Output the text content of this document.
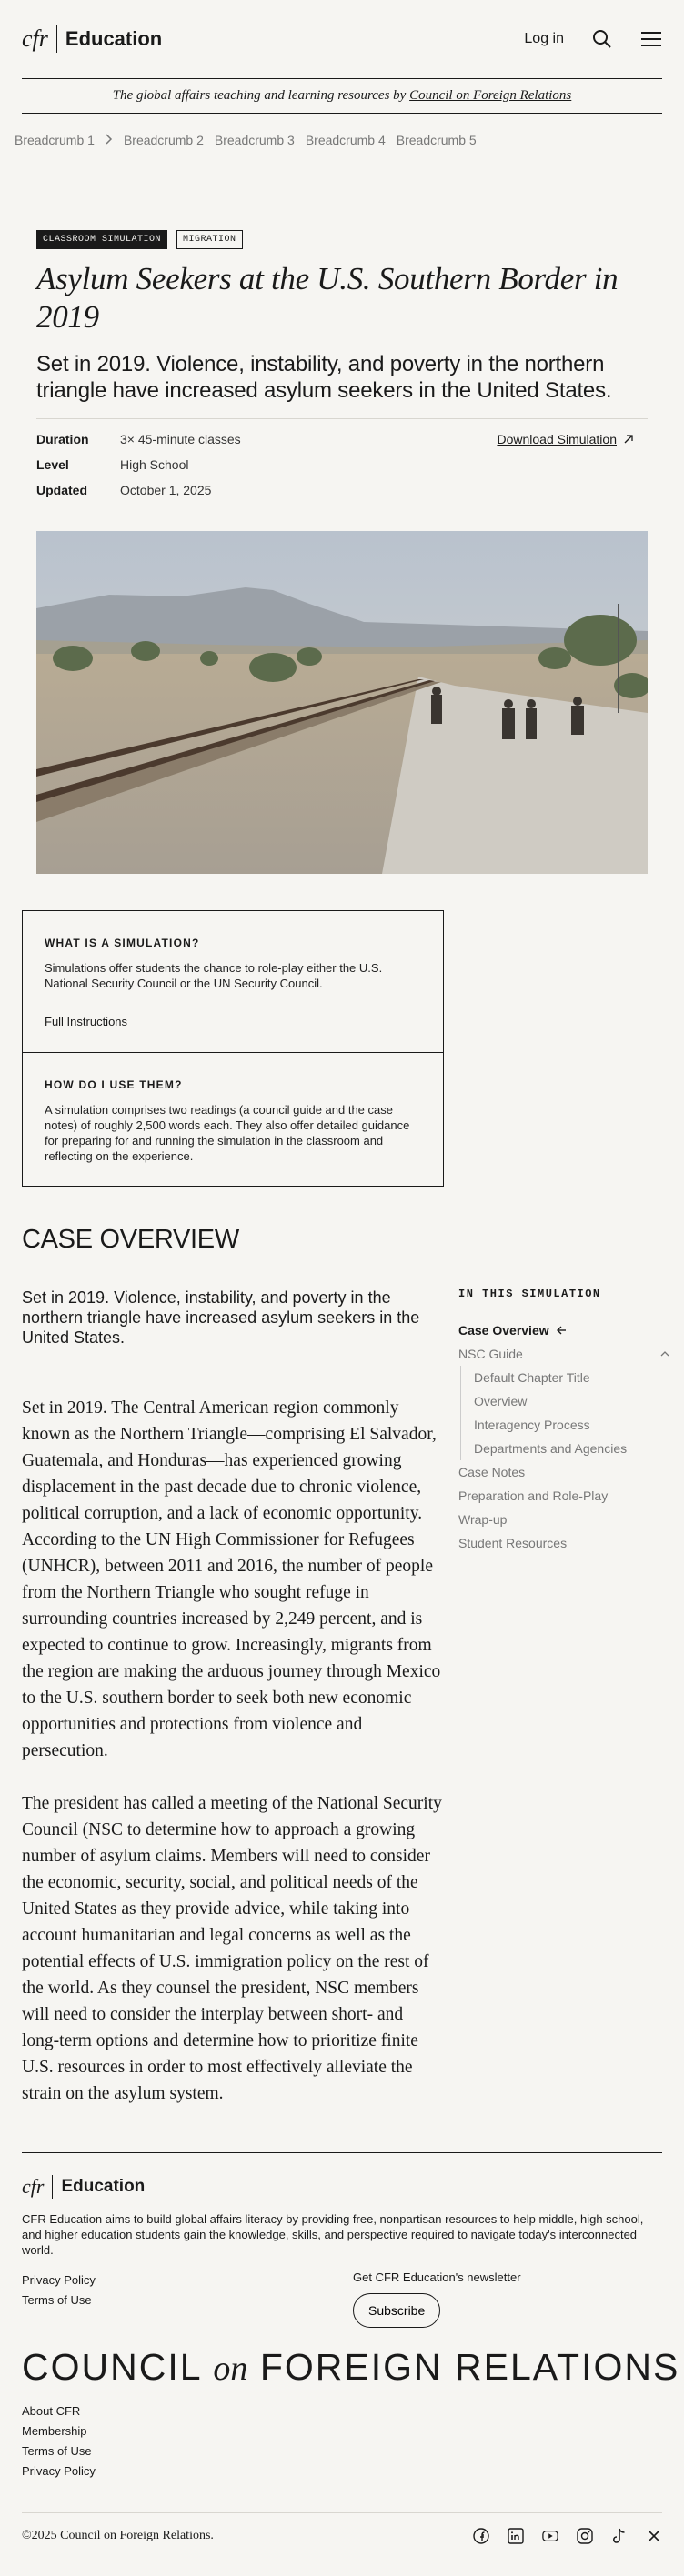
cfr Education	Log in
The global affairs teaching and learning resources by Council on Foreign Relations
Breadcrumb 1 Breadcrumb 2 Breadcrumb 3 Breadcrumb 4 Breadcrumb 5
CLASSROOM SIMULATION	MIGRATION
Asylum Seekers at the U.S. Southern Border in 2019

Set in 2019. Violence, instability, and poverty in the northern triangle have increased asylum seekers in the United States.

Duration	3× 45-minute classes
Level	High School
Updated	October 1, 2025
Download Simulation
WHAT IS A SIMULATION?

Simulations offer students the chance to role-play either the U.S. National Security Council or the UN Security Council.

Full Instructions
HOW DO I USE THEM?

A simulation comprises two readings (a council guide and the case notes) of roughly 2,500 words each. They also offer detailed guidance for preparing for and running the simulation in the classroom and reflecting on the experience.

CASE OVERVIEW

Set in 2019. Violence, instability, and poverty in the northern triangle have increased asylum seekers in the United States.

Set in 2019. The Central American region commonly known as the Northern Triangle—comprising El Salvador, Guatemala, and Honduras—has experienced growing displacement in the past decade due to chronic violence, political corruption, and a lack of economic opportunity. According to the UN High Commissioner for Refugees (UNHCR), between 2011 and 2016, the number of people from the Northern Triangle who sought refuge in surrounding countries increased by 2,249 percent, and is expected to continue to grow. Increasingly, migrants from the region are making the arduous journey through Mexico to the U.S. southern border to seek both new economic opportunities and protections from violence and persecution.

The president has called a meeting of the National Security Council (NSC to determine how to approach a growing number of asylum claims. Members will need to consider the economic, security, social, and political needs of the United States as they provide advice, while taking into account humanitarian and legal concerns as well as the potential effects of U.S. immigration policy on the rest of the world. As they counsel the president, NSC members will need to consider the interplay between short- and long-term options and determine how to prioritize finite U.S. resources in order to most effectively alleviate the strain on the asylum system.

IN THIS SIMULATION
Case Overview
NSC Guide
Default Chapter Title
Overview
Interagency Process
Departments and Agencies
Case Notes
Preparation and Role-Play
Wrap-up
Student Resources
cfr	Education

CFR Education aims to build global affairs literacy by providing free, nonpartisan resources to help middle, high school, and higher education students gain the knowledge, skills, and perspective required to navigate today's interconnected world.

Privacy Policy
Terms of Use
Get CFR Education's newsletter
Subscribe
COUNCIL on FOREIGN RELATIONS
About CFR
Membership
Terms of Use
Privacy Policy
©2025 Council on Foreign Relations.
